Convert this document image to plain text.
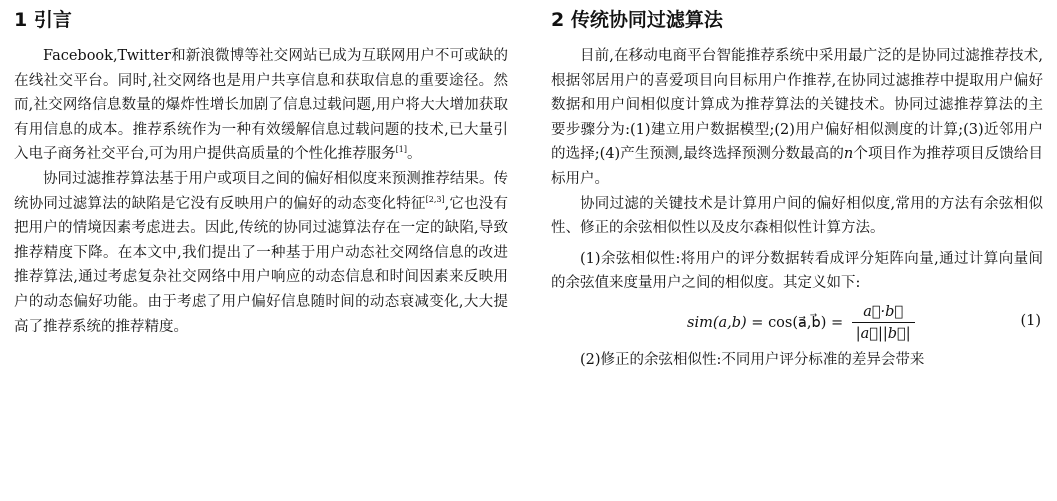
1 引言

Facebook,Twitter和新浪微博等社交网站已成为互联网用户不可或缺的在线社交平台。同时,社交网络也是用户共享信息和获取信息的重要途径。然而,社交网络信息数量的爆炸性增长加剧了信息过载问题,用户将大大增加获取有用信息的成本。推荐系统作为一种有效缓解信息过载问题的技术,已大量引入电子商务社交平台,可为用户提供高质量的个性化推荐服务[1]。

协同过滤推荐算法基于用户或项目之间的偏好相似度来预测推荐结果。传统协同过滤算法的缺陷是它没有反映用户的偏好的动态变化特征[2,3],它也没有把用户的情境因素考虑进去。因此,传统的协同过滤算法存在一定的缺陷,导致推荐精度下降。在本文中,我们提出了一种基于用户动态社交网络信息的改进推荐算法,通过考虑复杂社交网络中用户响应的动态信息和时间因素来反映用户的动态偏好功能。由于考虑了用户偏好信息随时间的动态衰减变化,大大提高了推荐系统的推荐精度。

2 传统协同过滤算法

目前,在移动电商平台智能推荐系统中采用最广泛的是协同过滤推荐技术,根据邻居用户的喜爱项目向目标用户作推荐,在协同过滤推荐中提取用户偏好数据和用户间相似度计算成为推荐算法的关键技术。协同过滤推荐算法的主要步骤分为:(1)建立用户数据模型;(2)用户偏好相似测度的计算;(3)近邻用户的选择;(4)产生预测,最终选择预测分数最高的n个项目作为推荐项目反馈给目标用户。

协同过滤的关键技术是计算用户间的偏好相似度,常用的方法有余弦相似性、修正的余弦相似性以及皮尔森相似性计算方法。

(1)余弦相似性:将用户的评分数据转看成评分矩阵向量,通过计算向量间的余弦值来度量用户之间的相似度。其定义如下:

sim(a,b) = cos(a⃗,b⃗) = $\frac{a⃗\cdot b⃗}{|a⃗||b⃗|}$	(1)

(2)修正的余弦相似性:不同用户评分标准的差异会带来
